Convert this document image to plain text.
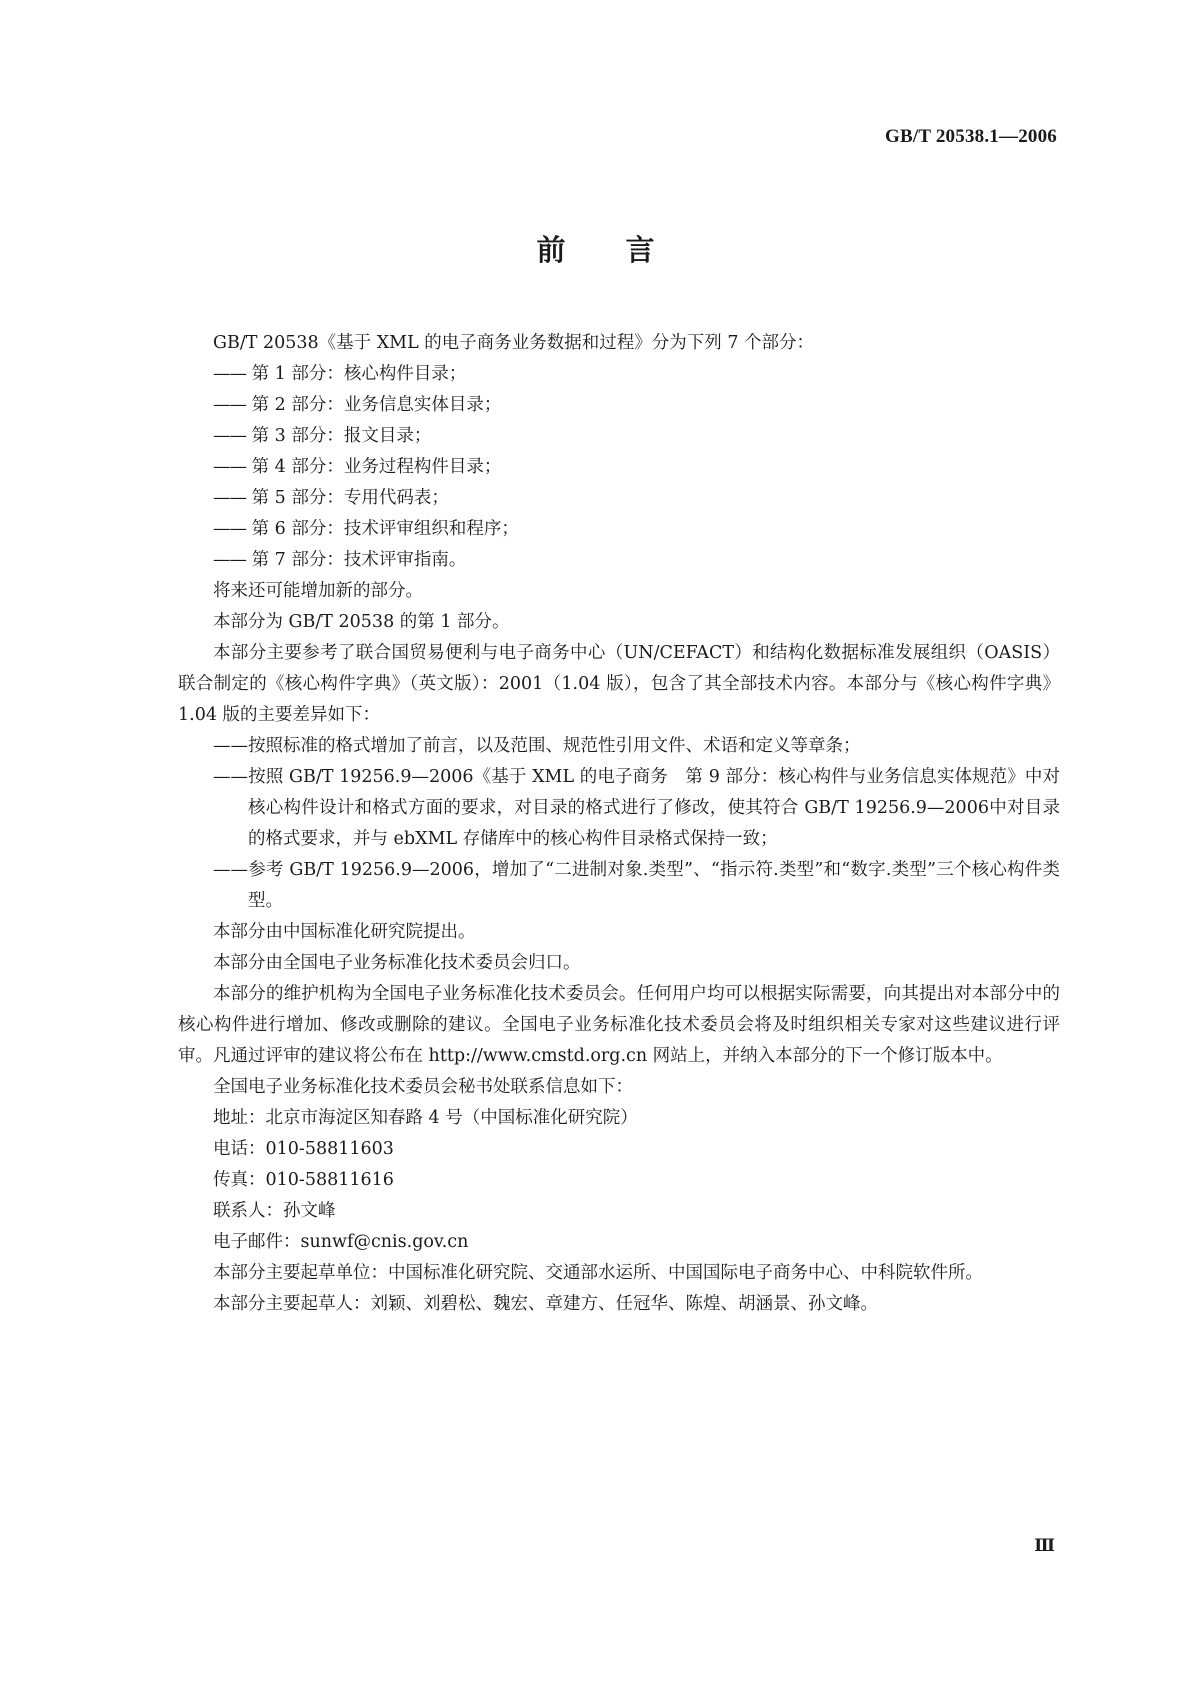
GB/T 20538.1—2006
前言

GB/T 20538《基于 XML 的电子商务业务数据和过程》分为下列 7 个部分：

—— 第 1 部分：核心构件目录；

—— 第 2 部分：业务信息实体目录；

—— 第 3 部分：报文目录；

—— 第 4 部分：业务过程构件目录；

—— 第 5 部分：专用代码表；

—— 第 6 部分：技术评审组织和程序；

—— 第 7 部分：技术评审指南。

将来还可能增加新的部分。

本部分为 GB/T 20538 的第 1 部分。

本部分主要参考了联合国贸易便利与电子商务中心（UN/CEFACT）和结构化数据标准发展组织（OASIS）联合制定的《核心构件字典》（英文版）：2001（1.04 版），包含了其全部技术内容。本部分与《核心构件字典》1.04 版的主要差异如下：

——按照标准的格式增加了前言，以及范围、规范性引用文件、术语和定义等章条；

——按照 GB/T 19256.9—2006《基于 XML 的电子商务　第 9 部分：核心构件与业务信息实体规范》中对核心构件设计和格式方面的要求，对目录的格式进行了修改，使其符合 GB/T 19256.9—2006中对目录的格式要求，并与 ebXML 存储库中的核心构件目录格式保持一致；

——参考 GB/T 19256.9—2006，增加了“二进制对象.类型”、“指示符.类型”和“数字.类型”三个核心构件类型。

本部分由中国标准化研究院提出。

本部分由全国电子业务标准化技术委员会归口。

本部分的维护机构为全国电子业务标准化技术委员会。任何用户均可以根据实际需要，向其提出对本部分中的核心构件进行增加、修改或删除的建议。全国电子业务标准化技术委员会将及时组织相关专家对这些建议进行评审。凡通过评审的建议将公布在 http://www.cmstd.org.cn 网站上，并纳入本部分的下一个修订版本中。

全国电子业务标准化技术委员会秘书处联系信息如下：

地址：北京市海淀区知春路 4 号（中国标准化研究院）

电话：010-58811603

传真：010-58811616

联系人：孙文峰

电子邮件：sunwf@cnis.gov.cn

本部分主要起草单位：中国标准化研究院、交通部水运所、中国国际电子商务中心、中科院软件所。

本部分主要起草人：刘颖、刘碧松、魏宏、章建方、任冠华、陈煌、胡涵景、孙文峰。

Ⅲ
